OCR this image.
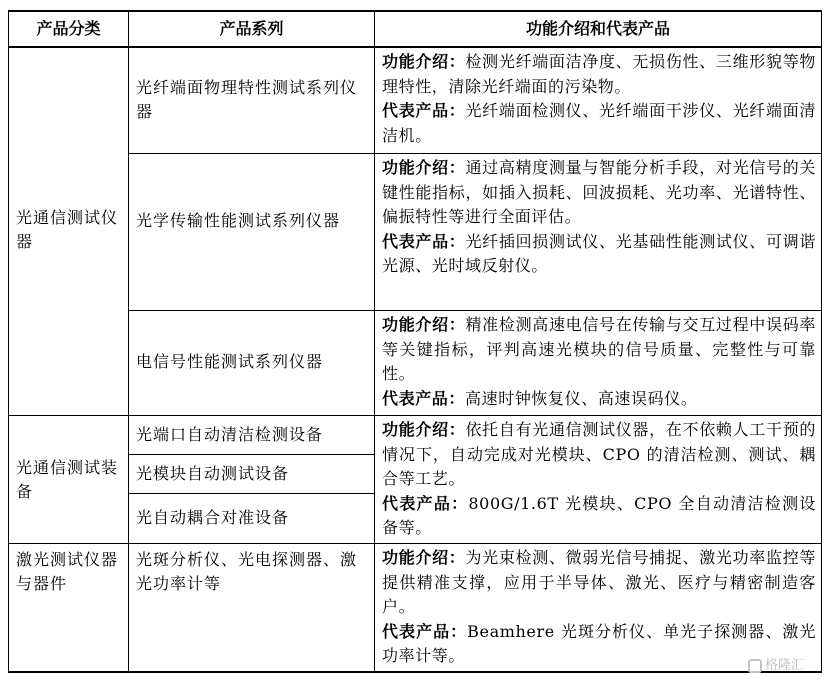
产品分类	产品系列	功能介绍和代表产品
光通信测试仪器
光通信测试装备
激光测试仪器与器件
光纤端面物理特性测试系列仪器
光学传输性能测试系列仪器
电信号性能测试系列仪器
光端口自动清洁检测设备
光模块自动测试设备
光自动耦合对准设备
光斑分析仪、光电探测器、激光功率计等

功能介绍：检测光纤端面洁净度、无损伤性、三维形貌等物理特性，清除光纤端面的污染物。

代表产品：光纤端面检测仪、光纤端面干涉仪、光纤端面清洁机。

功能介绍：通过高精度测量与智能分析手段，对光信号的关键性能指标，如插入损耗、回波损耗、光功率、光谱特性、偏振特性等进行全面评估。

代表产品：光纤插回损测试仪、光基础性能测试仪、可调谐光源、光时域反射仪。

功能介绍：精准检测高速电信号在传输与交互过程中误码率等关键指标，评判高速光模块的信号质量、完整性与可靠性。

代表产品：高速时钟恢复仪、高速误码仪。

功能介绍：依托自有光通信测试仪器，在不依赖人工干预的情况下，自动完成对光模块、CPO 的清洁检测、测试、耦合等工艺。

代表产品：800G/1.6T 光模块、CPO 全自动清洁检测设备等。

功能介绍：为光束检测、微弱光信号捕捉、激光功率监控等提供精准支撑，应用于半导体、激光、医疗与精密制造客户。

代表产品：Beamhere 光斑分析仪、单光子探测器、激光功率计等。

格隆汇
